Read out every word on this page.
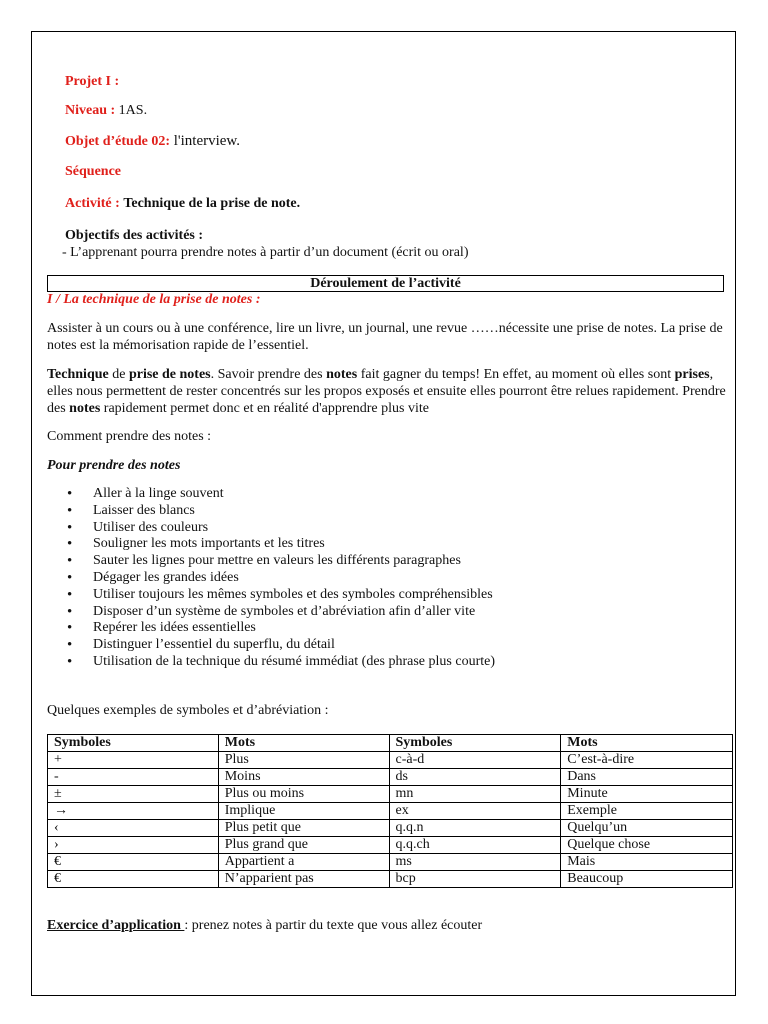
Projet I :
Niveau : 1AS.
Objet d’étude 02: l'interview.
Séquence
Activité : Technique de la prise de note.
Objectifs des activités :
- L’apprenant pourra prendre notes à partir d’un document (écrit ou oral)
Déroulement de l’activité
I / La technique de la prise de notes :
Assister à un cours ou à une conférence, lire un livre, un journal, une revue ……nécessite une prise de notes. La prise de notes est la mémorisation rapide de l’essentiel.
Technique de prise de notes. Savoir prendre des notes fait gagner du temps! En effet, au moment où elles sont prises, elles nous permettent de rester concentrés sur les propos exposés et ensuite elles pourront être relues rapidement. Prendre des notes rapidement permet donc et en réalité d'apprendre plus vite
Comment prendre des notes :
Pour prendre des notes
• Aller à la linge souvent
• Laisser des blancs
• Utiliser des couleurs
• Souligner les mots importants et les titres
• Sauter les lignes pour mettre en valeurs les différents paragraphes
• Dégager les grandes idées
• Utiliser toujours les mêmes symboles et des symboles compréhensibles
• Disposer d’un système de symboles et d’abréviation afin d’aller vite
• Repérer les idées essentielles
• Distinguer l’essentiel du superflu, du détail
• Utilisation de la technique du résumé immédiat (des phrase plus courte)
Quelques exemples de symboles et d’abréviation :
Symboles	Mots	Symboles	Mots
+	Plus	c-à-d	C’est-à-dire
-	Moins	ds	Dans
±	Plus ou moins	mn	Minute
→	Implique	ex	Exemple
‹	Plus petit que	q.q.n	Quelqu’un
›	Plus grand que	q.q.ch	Quelque chose
€	Appartient a	ms	Mais
€	N’apparient pas	bcp	Beaucoup
Exercice d’application : prenez notes à partir du texte que vous allez écouter
